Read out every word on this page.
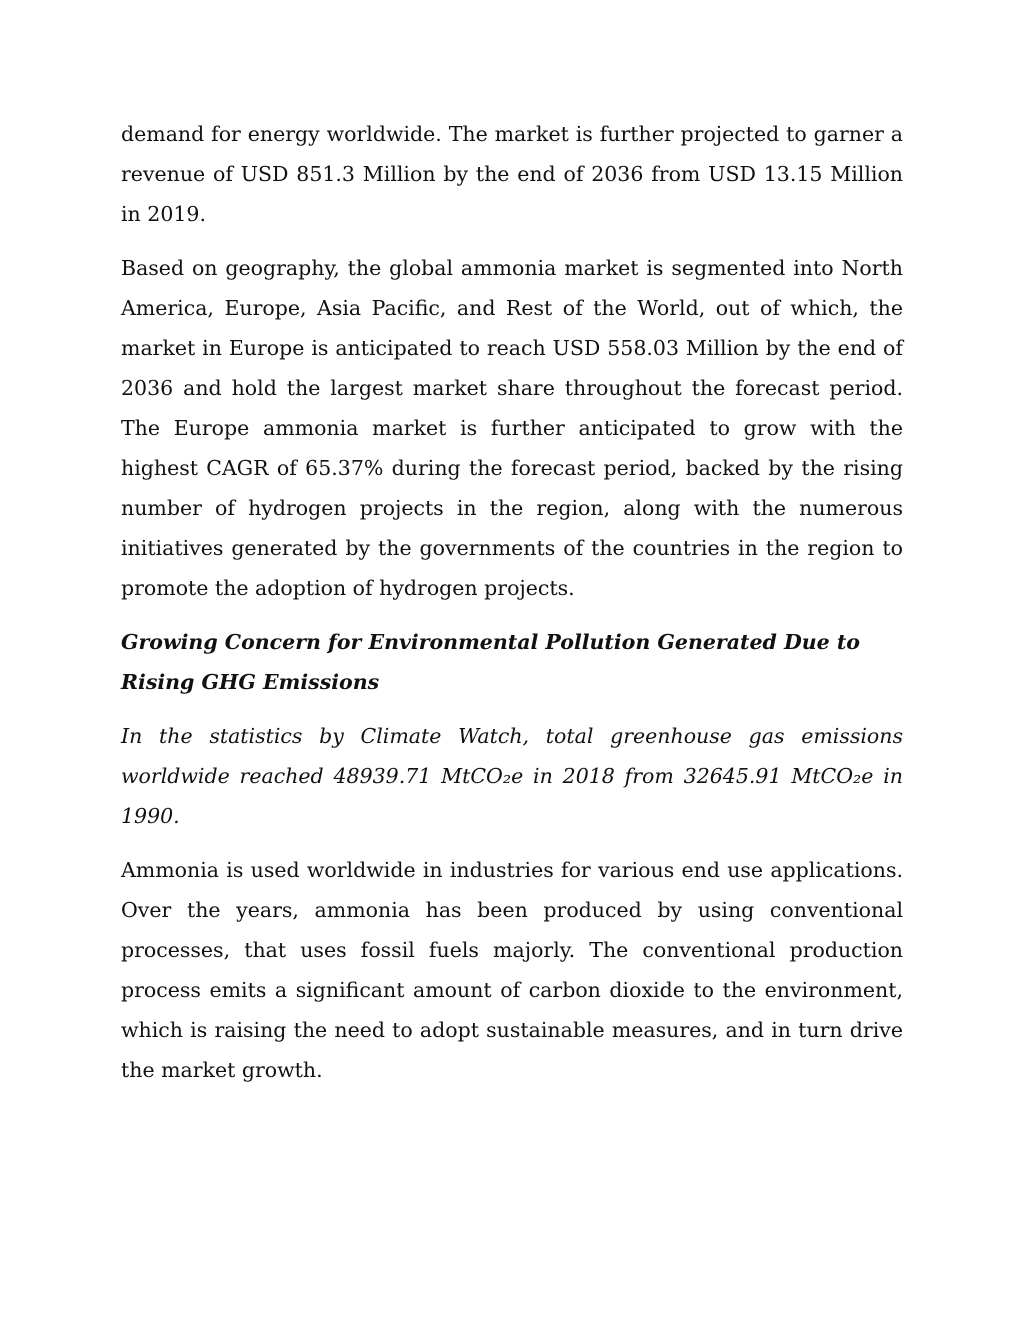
demand for energy worldwide. The market is further projected to garner a revenue of USD 851.3 Million by the end of 2036 from USD 13.15 Million in 2019.

Based on geography, the global ammonia market is segmented into North America, Europe, Asia Pacific, and Rest of the World, out of which, the market in Europe is anticipated to reach USD 558.03 Million by the end of 2036 and hold the largest market share throughout the forecast period. The Europe ammonia market is further anticipated to grow with the highest CAGR of 65.37% during the forecast period, backed by the rising number of hydrogen projects in the region, along with the numerous initiatives generated by the governments of the countries in the region to promote the adoption of hydrogen projects.

Growing Concern for Environmental Pollution Generated Due to Rising GHG Emissions

In the statistics by Climate Watch, total greenhouse gas emissions worldwide reached 48939.71 MtCO₂e in 2018 from 32645.91 MtCO₂e in 1990.

Ammonia is used worldwide in industries for various end use applications. Over the years, ammonia has been produced by using conventional processes, that uses fossil fuels majorly. The conventional production process emits a significant amount of carbon dioxide to the environment, which is raising the need to adopt sustainable measures, and in turn drive the market growth.
